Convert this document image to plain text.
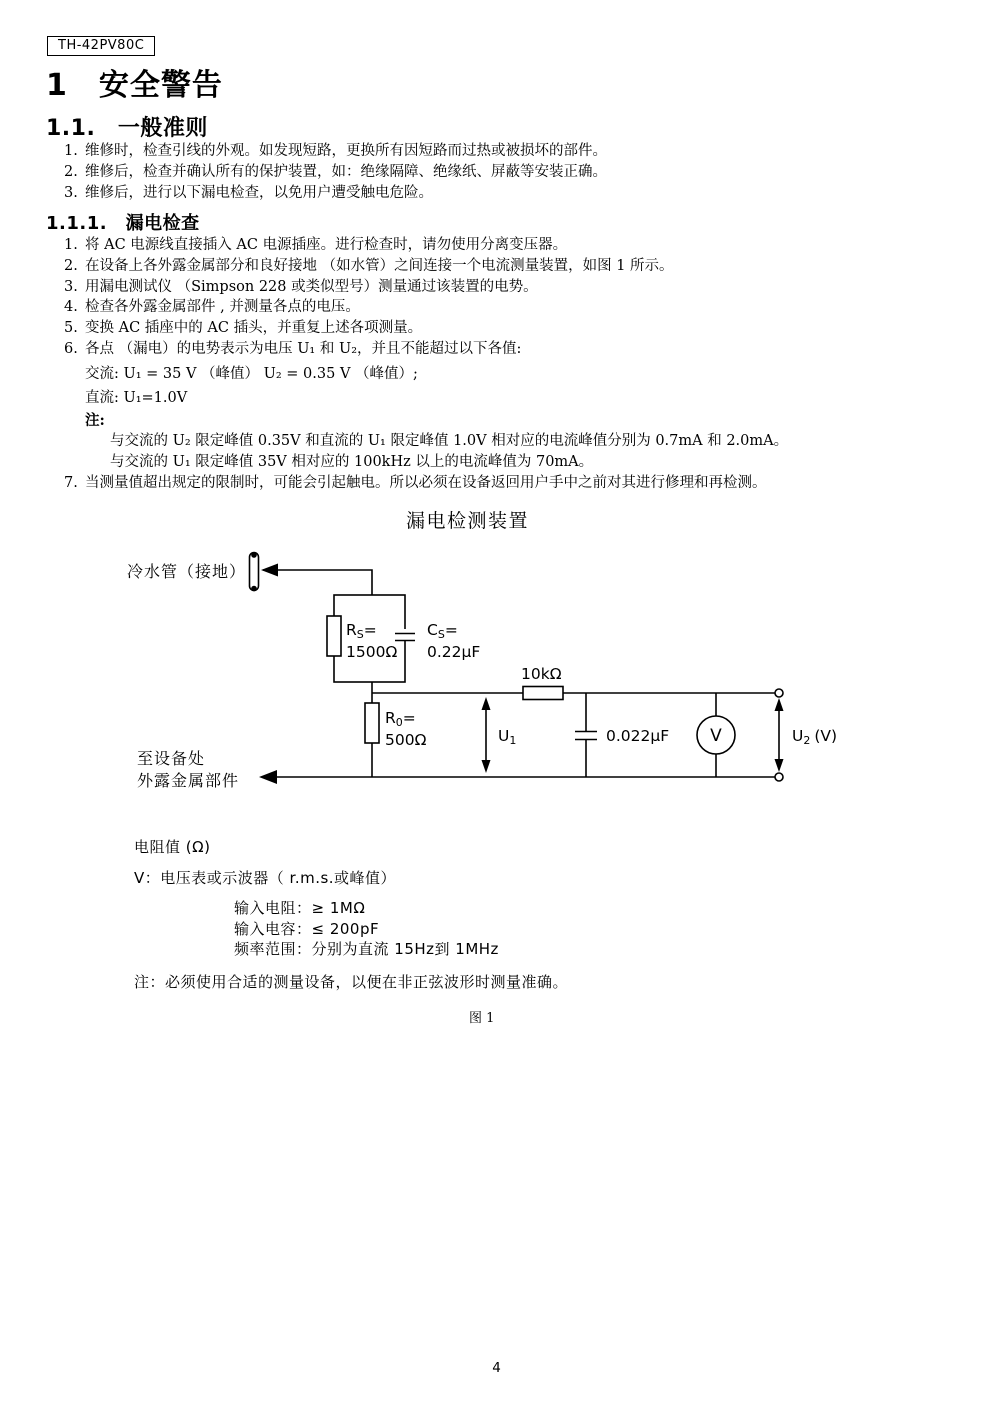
TH-42PV80C
1　安全警告
1.1.　一般准则
1. 维修时，检查引线的外观。如发现短路，更换所有因短路而过热或被损坏的部件。
2. 维修后，检查并确认所有的保护装置，如：绝缘隔障、绝缘纸、屏蔽等安装正确。
3. 维修后，进行以下漏电检查，以免用户遭受触电危险。
1.1.1.　漏电检查
1. 将 AC 电源线直接插入 AC 电源插座。进行检查时，请勿使用分离变压器。
2. 在设备上各外露金属部分和良好接地 （如水管）之间连接一个电流测量装置，如图 1 所示。
3. 用漏电测试仪 （Simpson 228 或类似型号）测量通过该装置的电势。
4. 检查各外露金属部件 , 并测量各点的电压。
5. 变换 AC 插座中的 AC 插头，并重复上述各项测量。
6. 各点 （漏电）的电势表示为电压 U₁ 和 U₂，并且不能超过以下各值:
交流: U₁ = 35 V （峰值） U₂ = 0.35 V （峰值）;
直流: U₁=1.0V
注:
与交流的 U₂ 限定峰值 0.35V 和直流的 U₁ 限定峰值 1.0V 相对应的电流峰值分别为 0.7mA 和 2.0mA。
与交流的 U₁ 限定峰值 35V 相对应的 100kHz 以上的电流峰值为 70mA。
7. 当测量值超出规定的限制时，可能会引起触电。所以必须在设备返回用户手中之前对其进行修理和再检测。
漏电检测装置
冷水管（接地）
RS=
1500Ω
CS=
0.22µF
R0=
500Ω
至设备处
外露金属部件
U1
10kΩ
0.022µF V	U2 (V)
电阻值 (Ω)
V：电压表或示波器（ r.m.s.或峰值）
输入电阻：≥ 1MΩ
输入电容：≤ 200pF
频率范围：分别为直流 15Hz到 1MHz
注：必须使用合适的测量设备，以便在非正弦波形时测量准确。
图 1
4
